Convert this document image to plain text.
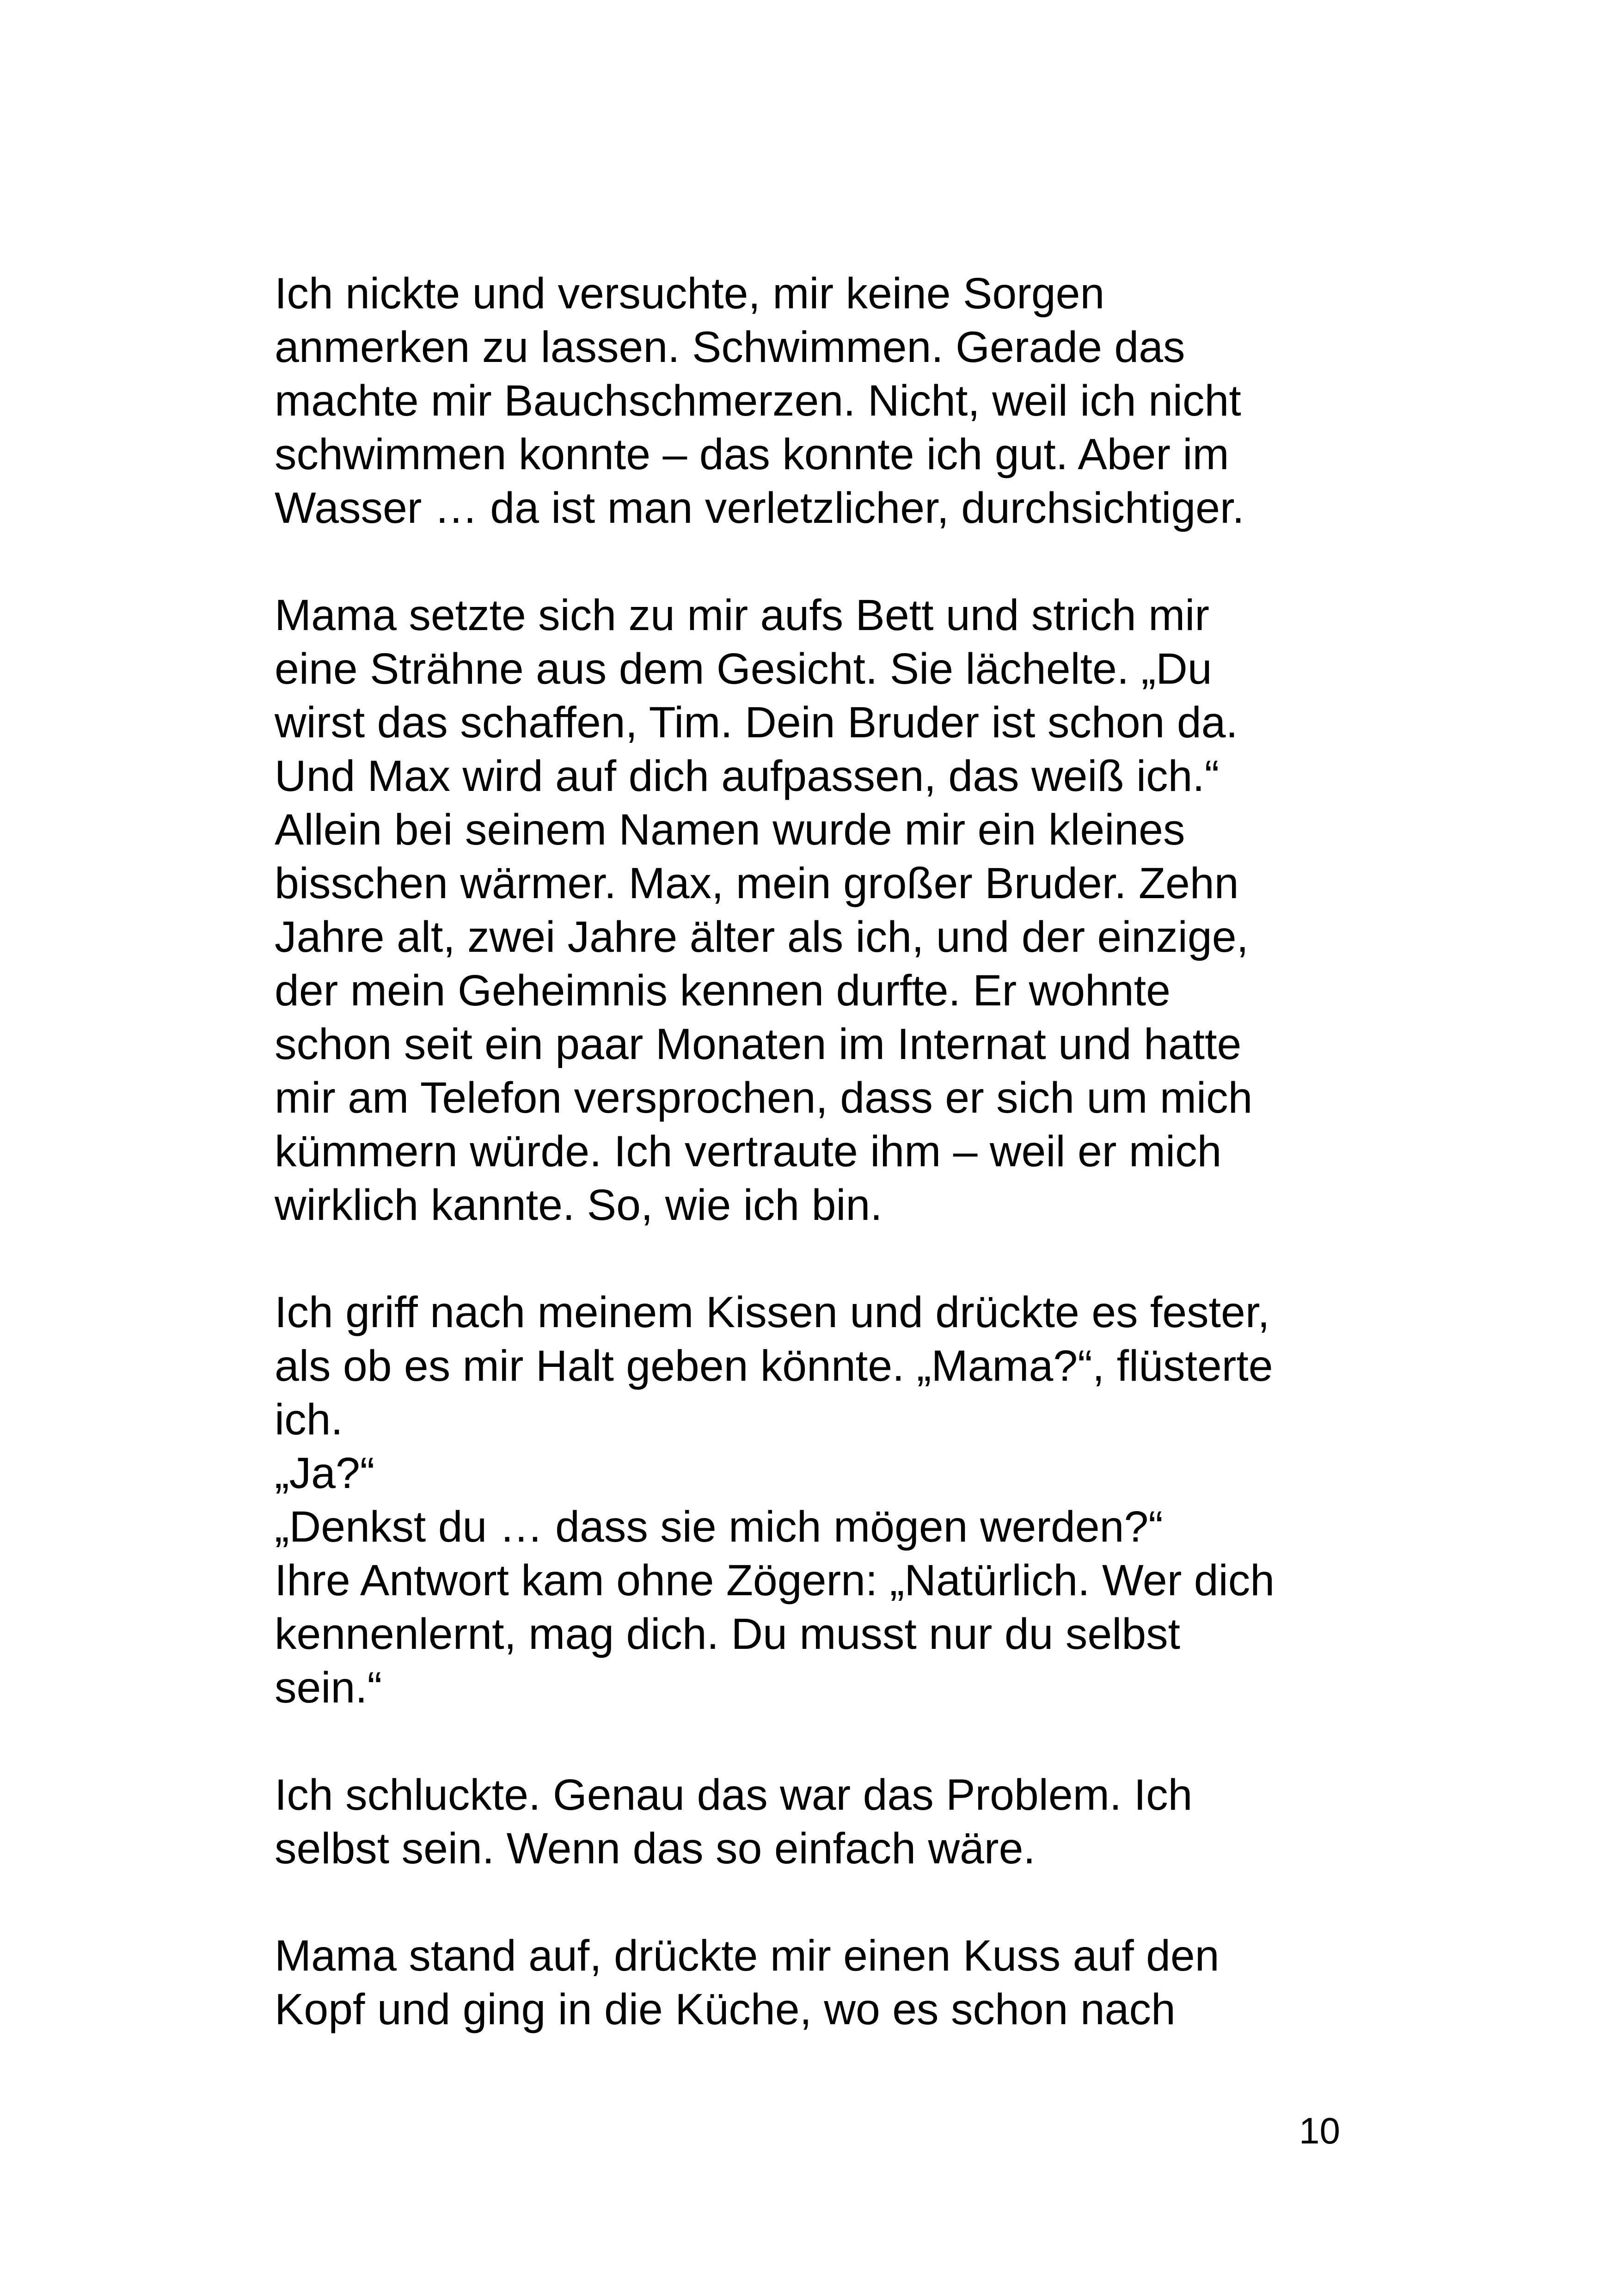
Ich nickte und versuchte, mir keine Sorgen
anmerken zu lassen. Schwimmen. Gerade das
machte mir Bauchschmerzen. Nicht, weil ich nicht
schwimmen konnte – das konnte ich gut. Aber im
Wasser … da ist man verletzlicher, durchsichtiger.

Mama setzte sich zu mir aufs Bett und strich mir
eine Strähne aus dem Gesicht. Sie lächelte. „Du
wirst das schaffen, Tim. Dein Bruder ist schon da.
Und Max wird auf dich aufpassen, das weiß ich.“
Allein bei seinem Namen wurde mir ein kleines
bisschen wärmer. Max, mein großer Bruder. Zehn
Jahre alt, zwei Jahre älter als ich, und der einzige,
der mein Geheimnis kennen durfte. Er wohnte
schon seit ein paar Monaten im Internat und hatte
mir am Telefon versprochen, dass er sich um mich
kümmern würde. Ich vertraute ihm – weil er mich
wirklich kannte. So, wie ich bin.

Ich griff nach meinem Kissen und drückte es fester,
als ob es mir Halt geben könnte. „Mama?“, flüsterte
ich.
„Ja?“
„Denkst du … dass sie mich mögen werden?“
Ihre Antwort kam ohne Zögern: „Natürlich. Wer dich
kennenlernt, mag dich. Du musst nur du selbst
sein.“

Ich schluckte. Genau das war das Problem. Ich
selbst sein. Wenn das so einfach wäre.

Mama stand auf, drückte mir einen Kuss auf den
Kopf und ging in die Küche, wo es schon nach

10
